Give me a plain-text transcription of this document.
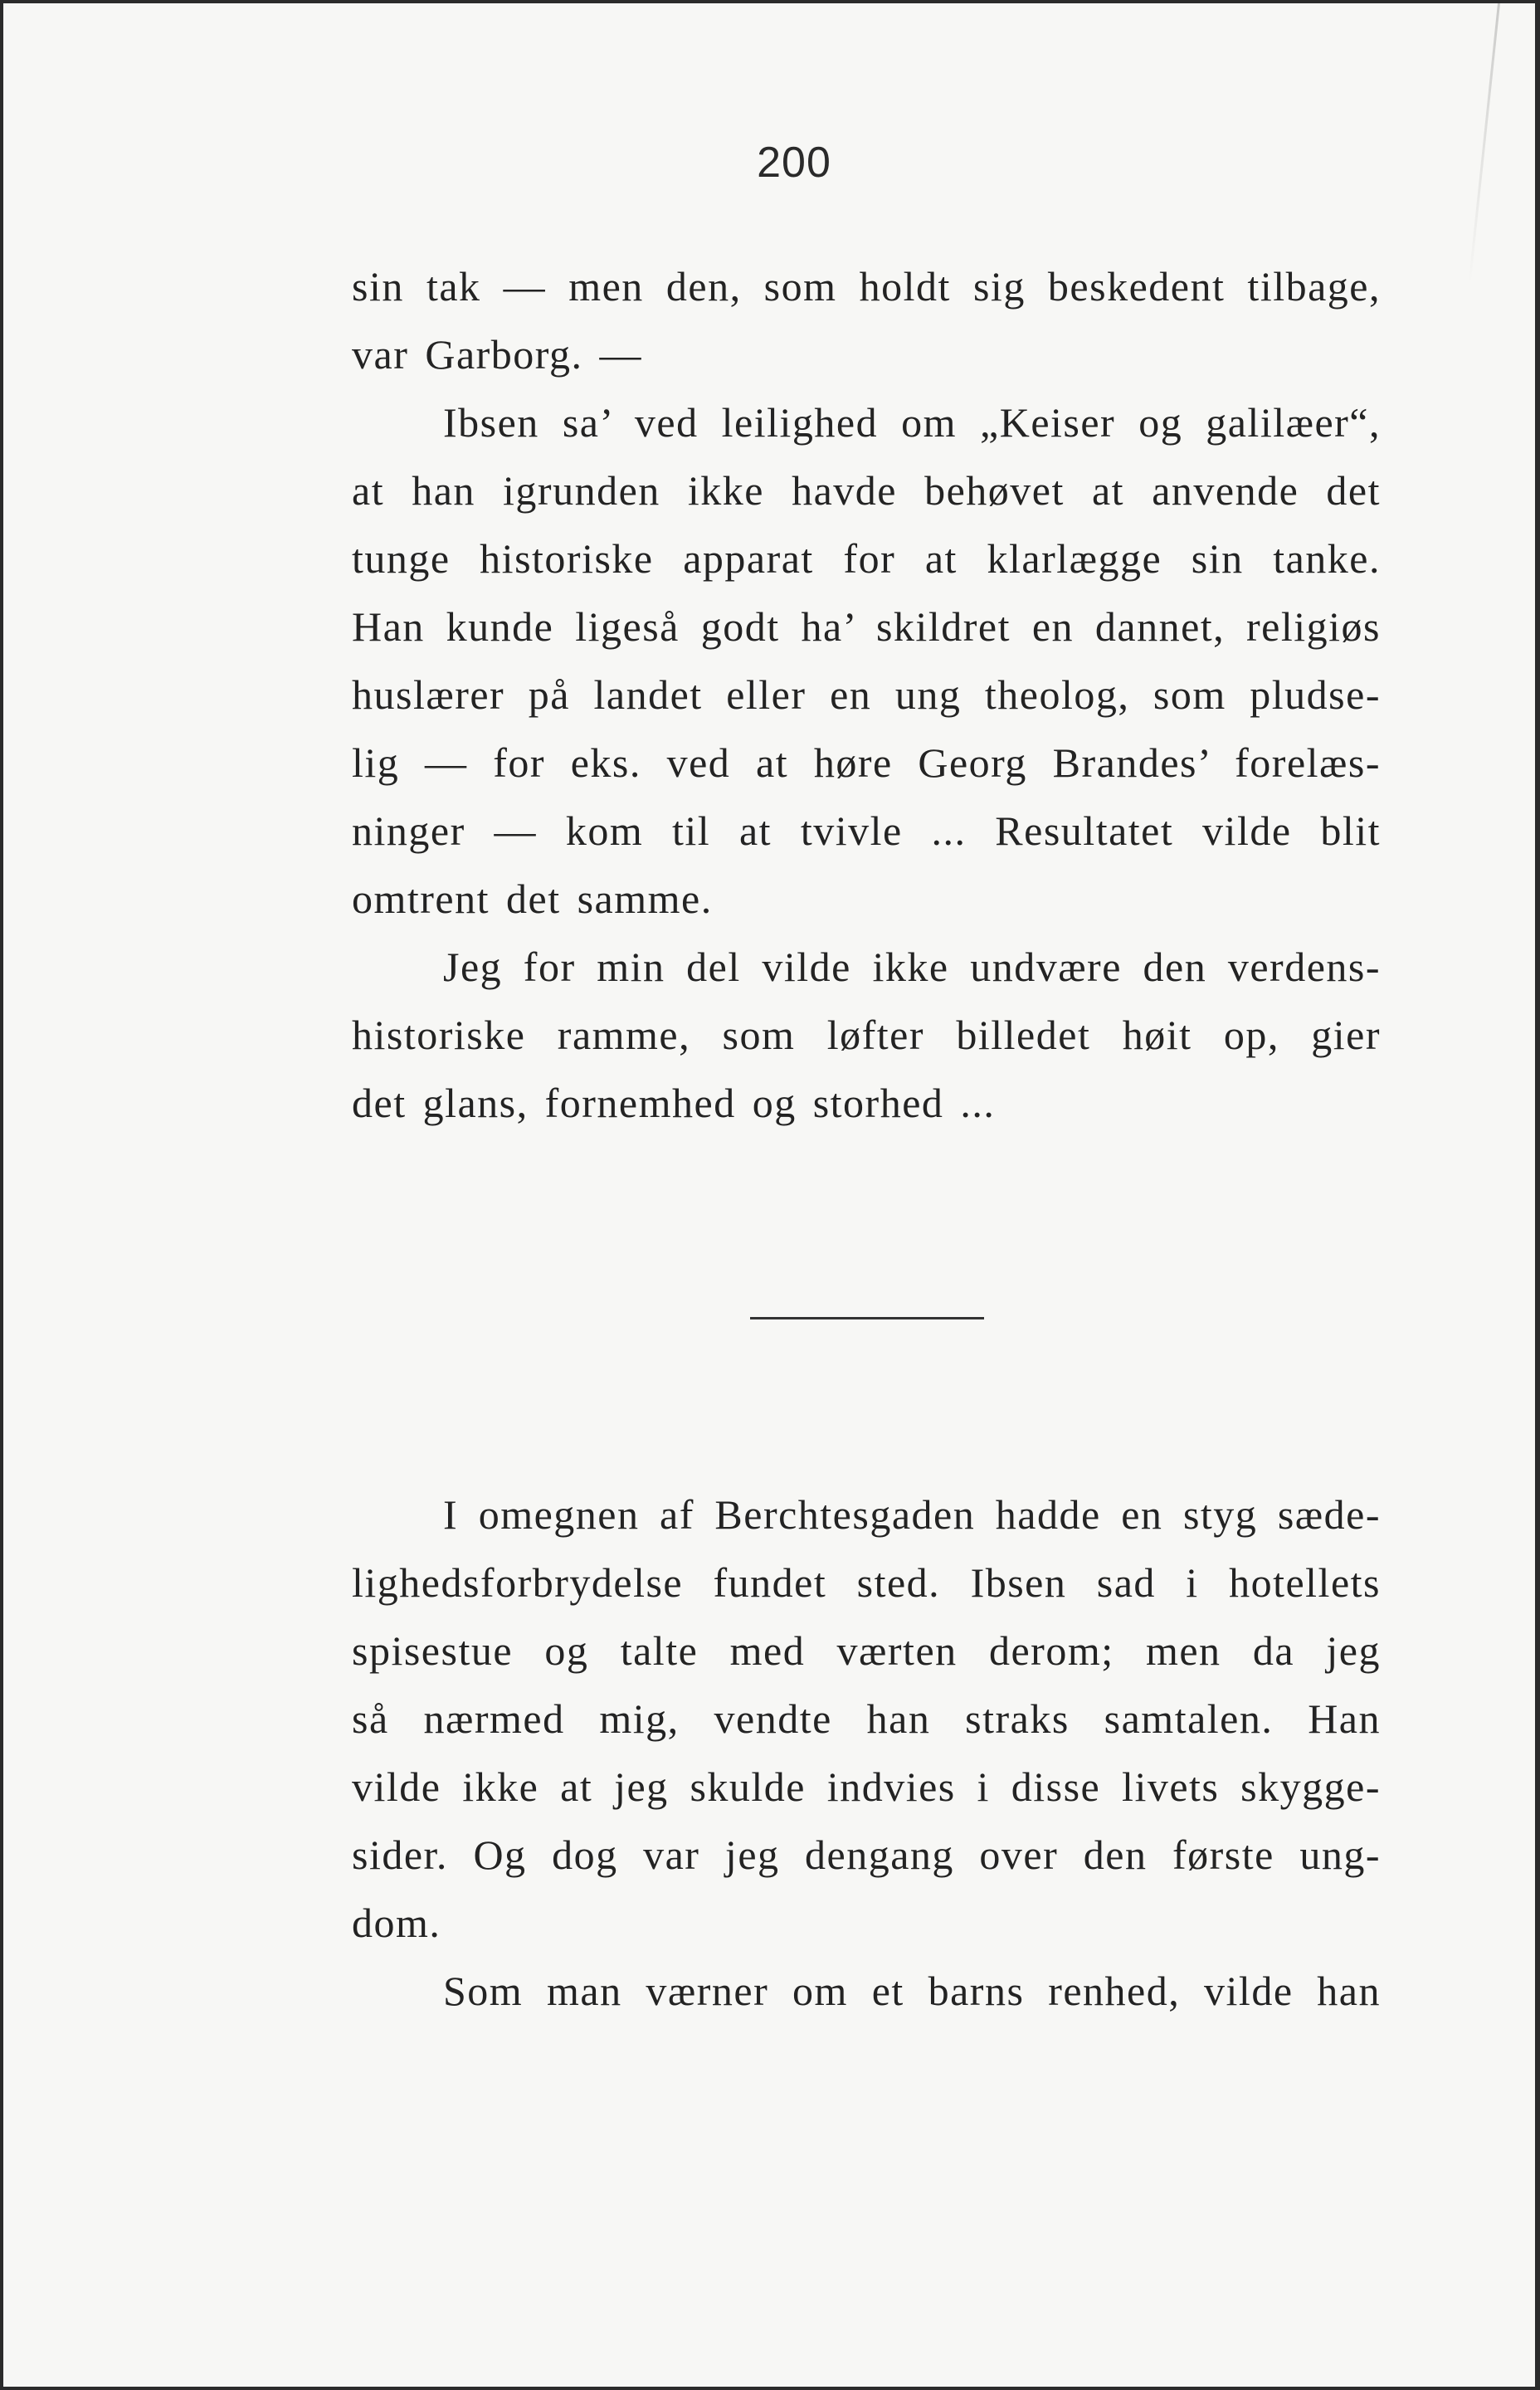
200

sin tak — men den, som holdt sig beskedent tilbage,
var Garborg. —

Ibsen sa’ ved leilighed om „Keiser og galilæer“,
at han igrunden ikke havde behøvet at anvende det
tunge historiske apparat for at klarlægge sin tanke.
Han kunde ligeså godt ha’ skildret en dannet, religiøs
huslærer på landet eller en ung theolog, som pludse-
lig — for eks. ved at høre Georg Brandes’ forelæs-
ninger — kom til at tvivle ... Resultatet vilde blit
omtrent det samme.

Jeg for min del vilde ikke undvære den verdens-
historiske ramme, som løfter billedet høit op, gier
det glans, fornemhed og storhed ...

I omegnen af Berchtesgaden hadde en styg sæde-
lighedsforbrydelse fundet sted. Ibsen sad i hotellets
spisestue og talte med værten derom; men da jeg
så nærmed mig, vendte han straks samtalen. Han
vilde ikke at jeg skulde indvies i disse livets skygge-
sider. Og dog var jeg dengang over den første ung-
dom.

Som man værner om et barns renhed, vilde han
